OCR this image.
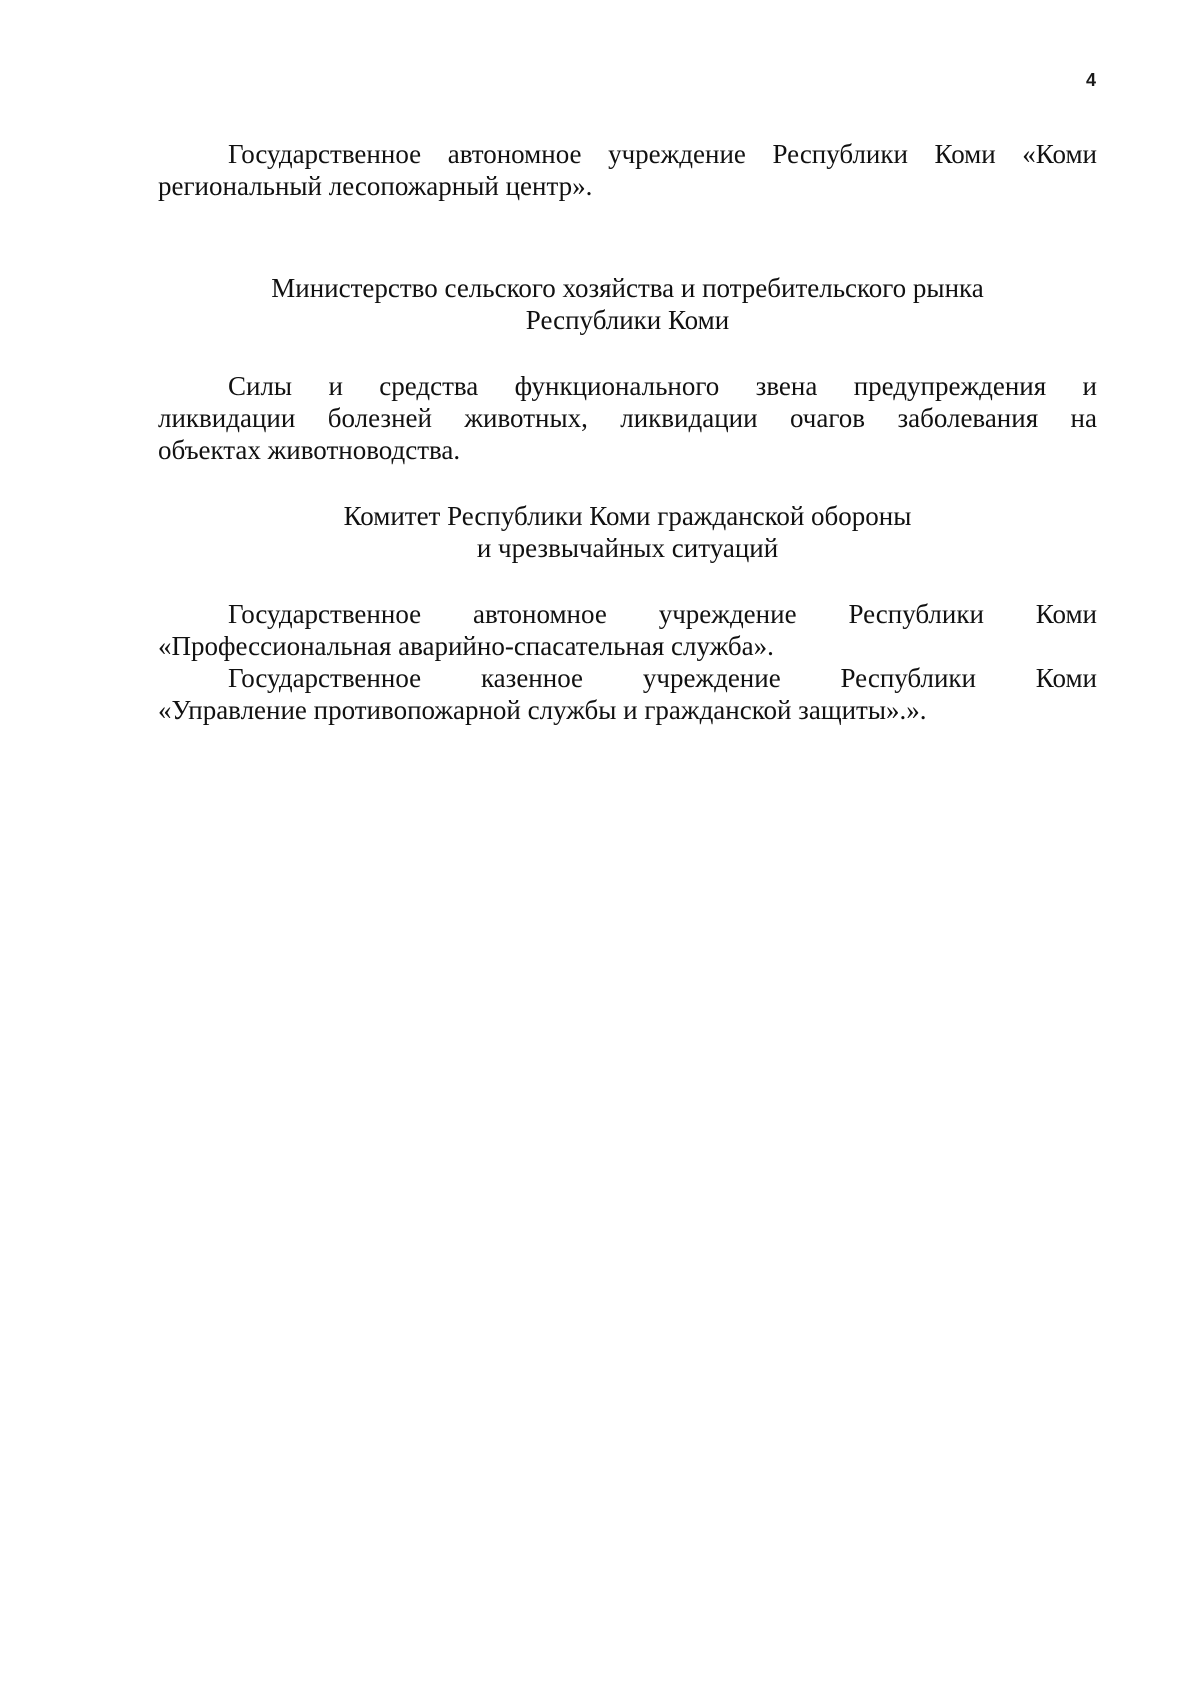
4

Государственное автономное учреждение Республики Коми «Коми

региональный лесопожарный центр».

Министерство сельского хозяйства и потребительского рынка
Республики Коми

Силы и средства функционального звена предупреждения и

ликвидации болезней животных, ликвидации очагов заболевания на

объектах животноводства.

Комитет Республики Коми гражданской обороны
и чрезвычайных ситуаций

Государственное автономное учреждение Республики Коми

«Профессиональная аварийно-спасательная служба».

Государственное казенное учреждение Республики Коми

«Управление противопожарной службы и гражданской защиты».».
